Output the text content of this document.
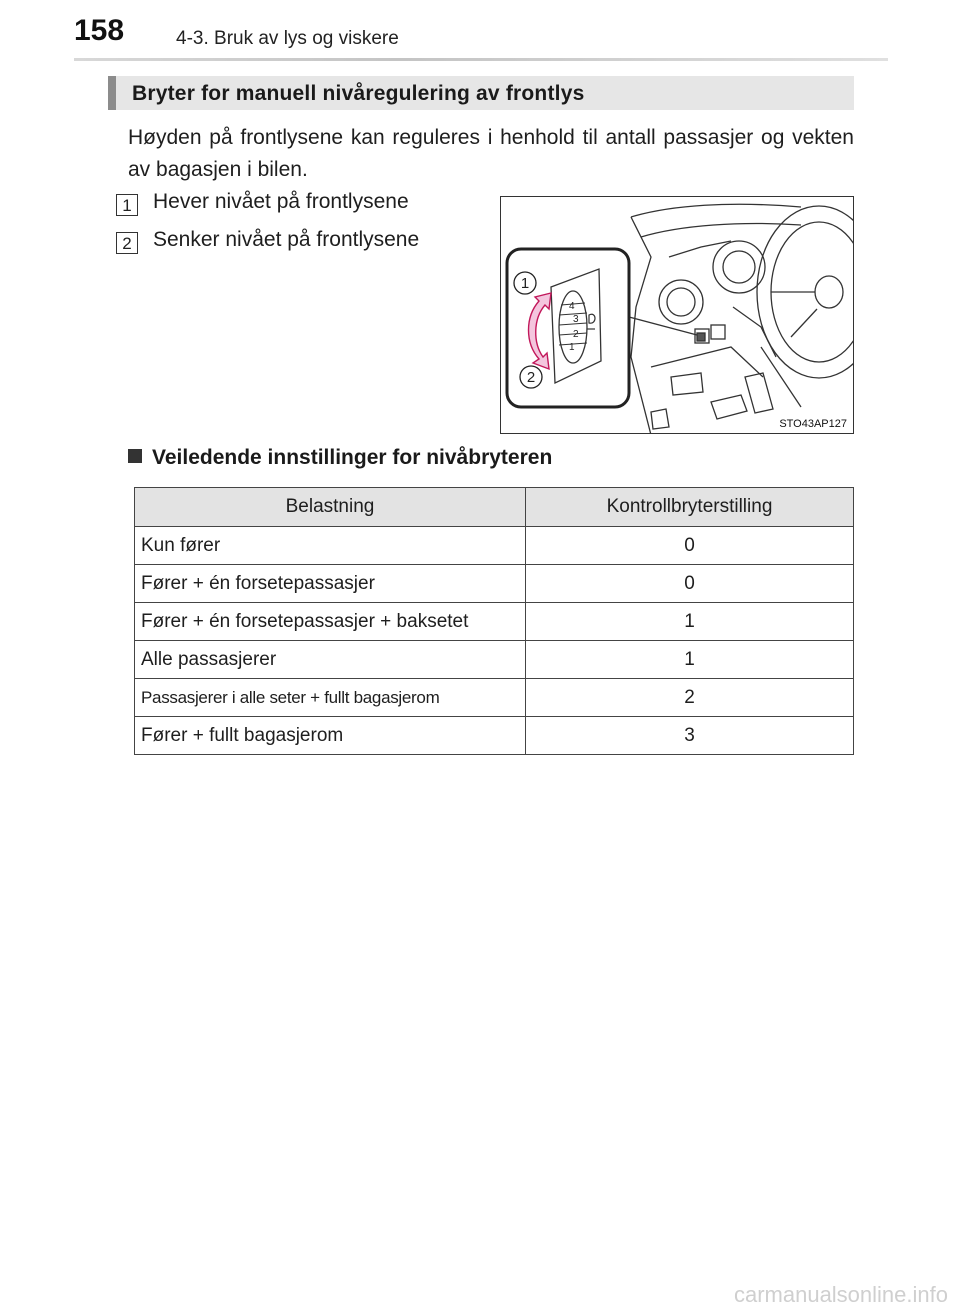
158	4-3. Bruk av lys og viskere
Bryter for manuell nivåregulering av frontlys
Høyden på frontlysene kan reguleres i henhold til antall passasjer og vekten av bagasjen i bilen.
1 Hever nivået på frontlysene
2 Senker nivået på frontlysene
4
3
2
1
1
2
STO43AP127
Veiledende innstillinger for nivåbryteren
Belastning	Kontrollbryterstilling
Kun fører	0
Fører + én forsetepassasjer	0
Fører + én forsetepassasjer + baksetet	1
Alle passasjerer	1
Passasjerer i alle seter + fullt bagasjerom	2
Fører + fullt bagasjerom	3
carmanualsonline.info
